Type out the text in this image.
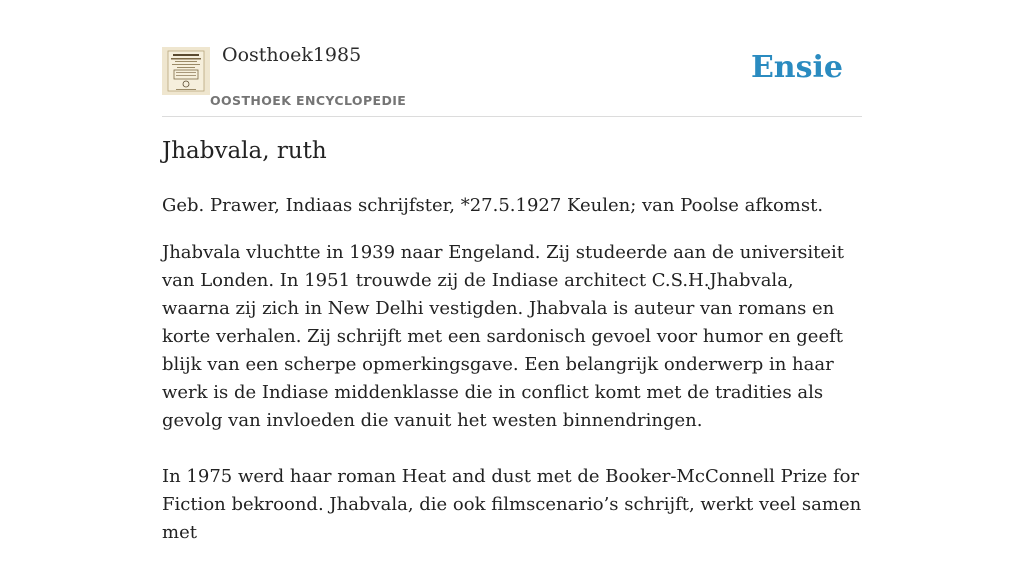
Oosthoek1985
OOSTHOEK ENCYCLOPEDIE
Ensie
Jhabvala, ruth

Geb. Prawer, Indiaas schrijfster, *27.5.1927 Keulen; van Poolse afkomst.

Jhabvala vluchtte in 1939 naar Engeland. Zij studeerde aan de universiteit van Londen. In 1951 trouwde zij de Indiase architect C.S.H.Jhabvala, waarna zij zich in New Delhi vestigden. Jhabvala is auteur van romans en korte verhalen. Zij schrijft met een sardonisch gevoel voor humor en geeft blijk van een scherpe opmerkingsgave. Een belangrijk onderwerp in haar werk is de Indiase middenklasse die in conflict komt met de tradities als gevolg van invloeden die vanuit het westen binnendringen.

In 1975 werd haar roman Heat and dust met de Booker-McConnell Prize for Fiction bekroond. Jhabvala, die ook filmscenario’s schrijft, werkt veel samen met
